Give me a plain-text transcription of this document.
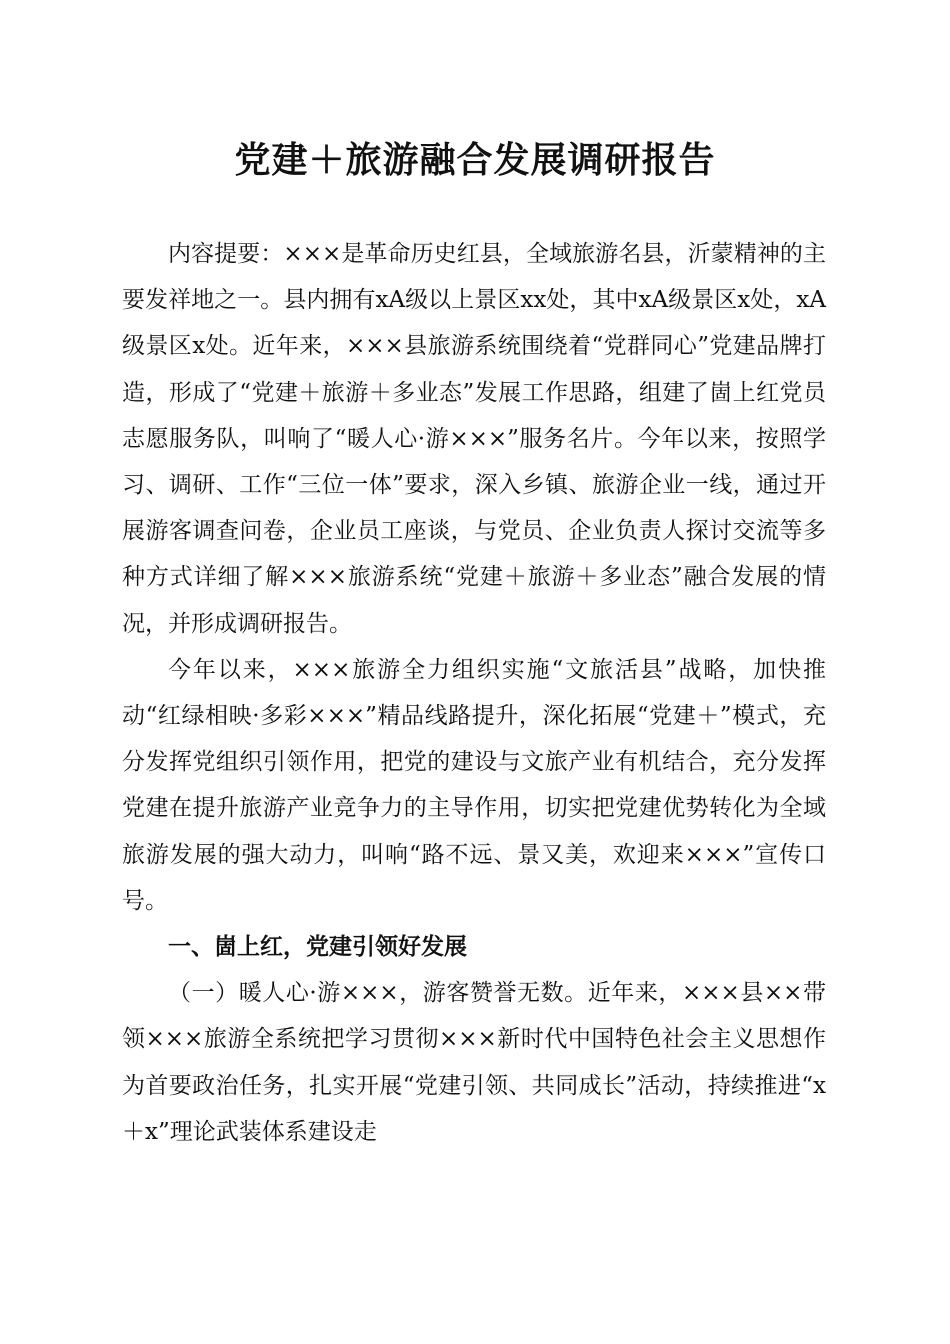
党建＋旅游融合发展调研报告

内容提要：×××是革命历史红县，全域旅游名县，沂蒙精神的主要发祥地之一。县内拥有xA级以上景区xx处，其中xA级景区x处，xA级景区x处。近年来，×××县旅游系统围绕着“党群同心”党建品牌打造，形成了“党建＋旅游＋多业态”发展工作思路，组建了崮上红党员志愿服务队，叫响了“暖人心·游×××”服务名片。今年以来，按照学习、调研、工作“三位一体”要求，深入乡镇、旅游企业一线，通过开展游客调查问卷，企业员工座谈，与党员、企业负责人探讨交流等多种方式详细了解×××旅游系统“党建＋旅游＋多业态”融合发展的情况，并形成调研报告。

今年以来，×××旅游全力组织实施“文旅活县”战略，加快推动“红绿相映·多彩×××”精品线路提升，深化拓展“党建＋”模式，充分发挥党组织引领作用，把党的建设与文旅产业有机结合，充分发挥党建在提升旅游产业竞争力的主导作用，切实把党建优势转化为全域旅游发展的强大动力，叫响“路不远、景又美，欢迎来×××”宣传口号。

一、崮上红，党建引领好发展

（一）暖人心·游×××，游客赞誉无数。近年来，×××县××带领×××旅游全系统把学习贯彻×××新时代中国特色社会主义思想作为首要政治任务，扎实开展“党建引领、共同成长”活动，持续推进“x＋x”理论武装体系建设走
